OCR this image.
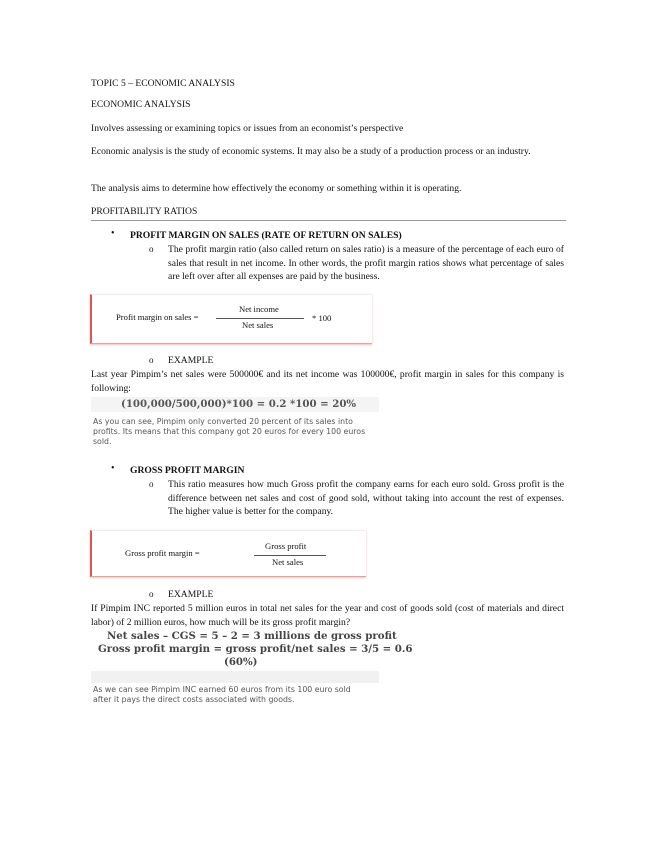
TOPIC 5 – ECONOMIC ANALYSIS

ECONOMIC ANALYSIS

Involves assessing or examining topics or issues from an economist’s perspective

Economic analysis is the study of economic systems. It may also be a study of a production process or an industry.

The analysis aims to determine how effectively the economy or something within it is operating.

PROFITABILITY RATIOS

• PROFIT MARGIN ON SALES (RATE OF RETURN ON SALES)

o The profit margin ratio (also called return on sales ratio) is a measure of the percentage of each euro of sales that result in net income. In other words, the profit margin ratios shows what percentage of sales are left over after all expenses are paid by the business.

Profit margin on sales =
Net income
Net sales
* 100
o EXAMPLE

Last year Pimpim’s net sales were 500000€ and its net income was 100000€, profit margin in sales for this company is following:

(100,000/500,000)*100 = 0.2 *100 = 20%
As you can see, Pimpim only converted 20 percent of its sales into profits. Its means that this company got 20 euros for every 100 euros sold.
• GROSS PROFIT MARGIN

o This ratio measures how much Gross profit the company earns for each euro sold. Gross profit is the difference between net sales and cost of good sold, without taking into account the rest of expenses. The higher value is better for the company.

Gross profit margin =
Gross profit
Net sales
o EXAMPLE

If Pimpim INC reported 5 million euros in total net sales for the year and cost of goods sold (cost of materials and direct labor) of 2 million euros, how much will be its gross profit margin?

Net sales – CGS = 5 – 2 = 3 millions de gross profit
Gross profit margin = gross profit/net sales = 3/5 = 0.6
(60%)
As we can see Pimpim INC earned 60 euros from its 100 euro sold after it pays the direct costs associated with goods.
